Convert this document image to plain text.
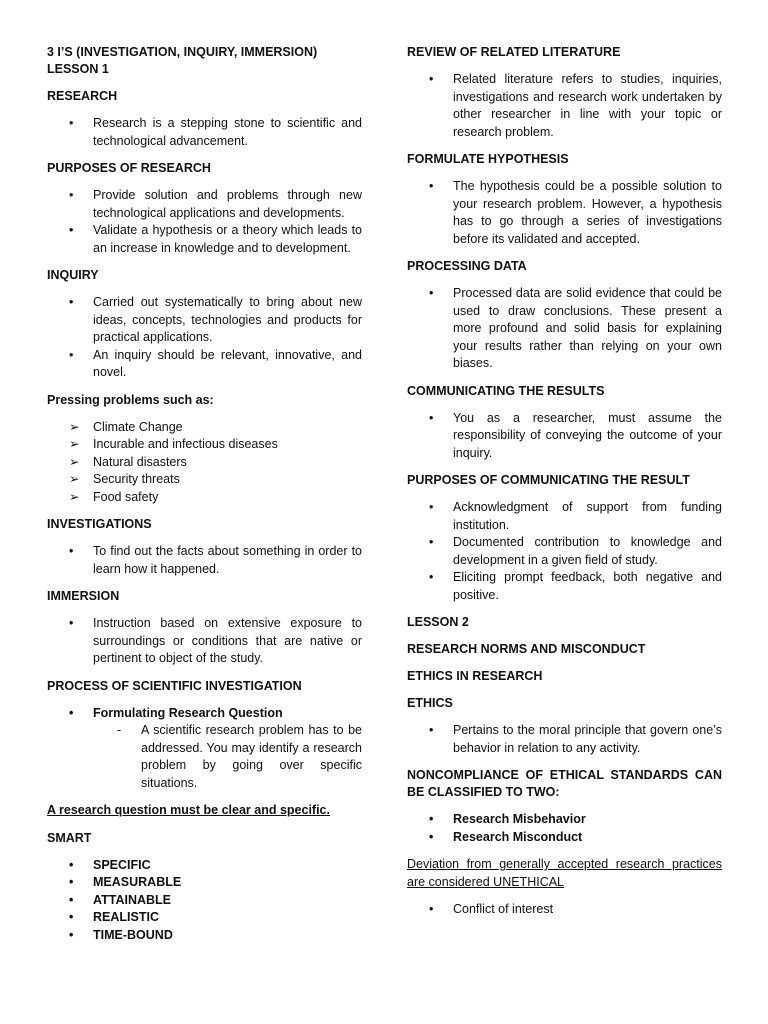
3 I’S (INVESTIGATION, INQUIRY, IMMERSION)
LESSON 1
RESEARCH
• Research is a stepping stone to scientific and technological advancement.
PURPOSES OF RESEARCH
• Provide solution and problems through new technological applications and developments.
• Validate a hypothesis or a theory which leads to an increase in knowledge and to development.
INQUIRY
• Carried out systematically to bring about new ideas, concepts, technologies and products for practical applications.
• An inquiry should be relevant, innovative, and novel.
Pressing problems such as:
➢ Climate Change
➢ Incurable and infectious diseases
➢ Natural disasters
➢ Security threats
➢ Food safety
INVESTIGATIONS
• To find out the facts about something in order to learn how it happened.
IMMERSION
• Instruction based on extensive exposure to surroundings or conditions that are native or pertinent to object of the study.
PROCESS OF SCIENTIFIC INVESTIGATION
• Formulating Research Question
- A scientific research problem has to be addressed. You may identify a research problem by going over specific situations.
A research question must be clear and specific.
SMART
• SPECIFIC
• MEASURABLE
• ATTAINABLE
• REALISTIC
• TIME-BOUND
REVIEW OF RELATED LITERATURE
• Related literature refers to studies, inquiries, investigations and research work undertaken by other researcher in line with your topic or research problem.
FORMULATE HYPOTHESIS
• The hypothesis could be a possible solution to your research problem. However, a hypothesis has to go through a series of investigations before its validated and accepted.
PROCESSING DATA
• Processed data are solid evidence that could be used to draw conclusions. These present a more profound and solid basis for explaining your results rather than relying on your own biases.
COMMUNICATING THE RESULTS
• You as a researcher, must assume the responsibility of conveying the outcome of your inquiry.
PURPOSES OF COMMUNICATING THE RESULT
• Acknowledgment of support from funding institution.
• Documented contribution to knowledge and development in a given field of study.
• Eliciting prompt feedback, both negative and positive.
LESSON 2
RESEARCH NORMS AND MISCONDUCT
ETHICS IN RESEARCH
ETHICS
• Pertains to the moral principle that govern one’s behavior in relation to any activity.
NONCOMPLIANCE OF ETHICAL STANDARDS CAN BE CLASSIFIED TO TWO:
• Research Misbehavior
• Research Misconduct
Deviation from generally accepted research practices are considered UNETHICAL
• Conflict of interest
